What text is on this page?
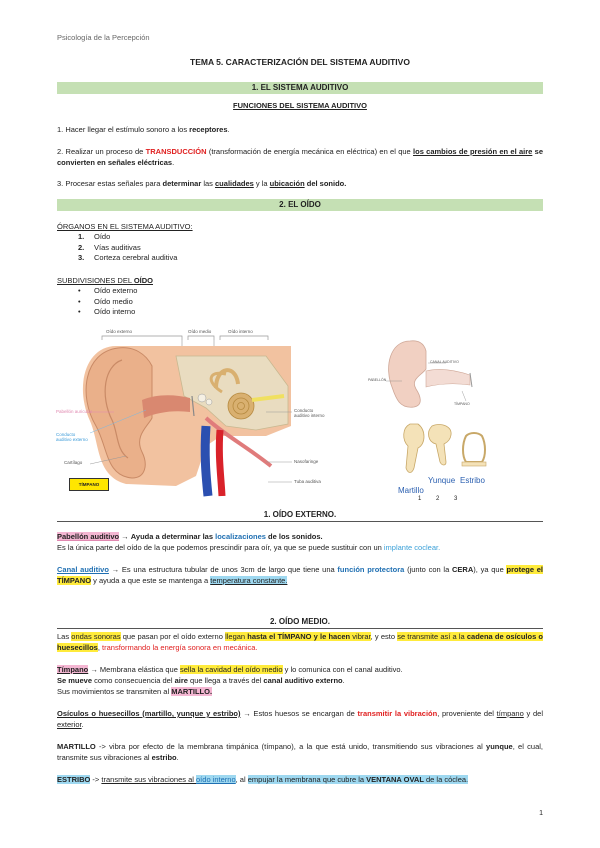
Psicología de la Percepción
TEMA 5. CARACTERIZACIÓN DEL SISTEMA AUDITIVO
1. EL SISTEMA AUDITIVO
FUNCIONES DEL SISTEMA AUDITIVO
1. Hacer llegar el estímulo sonoro a los receptores.
2. Realizar un proceso de TRANSDUCCIÓN (transformación de energía mecánica en eléctrica) en el que los cambios de presión en el aire se convierten en señales eléctricas.
3. Procesar estas señales para determinar las cualidades y la ubicación del sonido.
2. EL OÍDO
ÓRGANOS EN EL SISTEMA AUDITIVO:
1. Oído
2. Vías auditivas
3. Corteza cerebral auditiva
SUBDIVISIONES DEL OÍDO
• Oído externo
• Oído medio
• Oído interno
Oído externo	Oído medio	Oído interno
Pabellón auricular
Conducto auditivo externo
Cartílago
Conducto auditivo interno
Nasofaringe
Tuba auditiva
TÍMPANO
CANAL AUDITIVO
PABELLÓN
TÍMPANO
Martillo
Yunque Estribo
1 2 3
1. OÍDO EXTERNO.
Pabellón auditivo → Ayuda a determinar las localizaciones de los sonidos.
Es la única parte del oído de la que podemos prescindir para oír, ya que se puede sustituir con un implante coclear.
Canal auditivo → Es una estructura tubular de unos 3cm de largo que tiene una función protectora (junto con la CERA), ya que protege el TÍMPANO y ayuda a que este se mantenga a temperatura constante.
2. OÍDO MEDIO.
Las ondas sonoras que pasan por el oído externo llegan hasta el TÍMPANO y le hacen vibrar, y esto se transmite así a la cadena de osículos o huesecillos, transformando la energía sonora en mecánica.
Tímpano → Membrana elástica que sella la cavidad del oído medio y lo comunica con el canal auditivo.
Se mueve como consecuencia del aire que llega a través del canal auditivo externo.
Sus movimientos se transmiten al MARTILLO.
Osículos o huesecillos (martillo, yunque y estribo) → Estos huesos se encargan de transmitir la vibración, proveniente del tímpano y del exterior.
MARTILLO -> vibra por efecto de la membrana timpánica (tímpano), a la que está unido, transmitiendo sus vibraciones al yunque, el cual, transmite sus vibraciones al estribo.
ESTRIBO -> transmite sus vibraciones al oído interno, al empujar la membrana que cubre la VENTANA OVAL de la cóclea.
1
